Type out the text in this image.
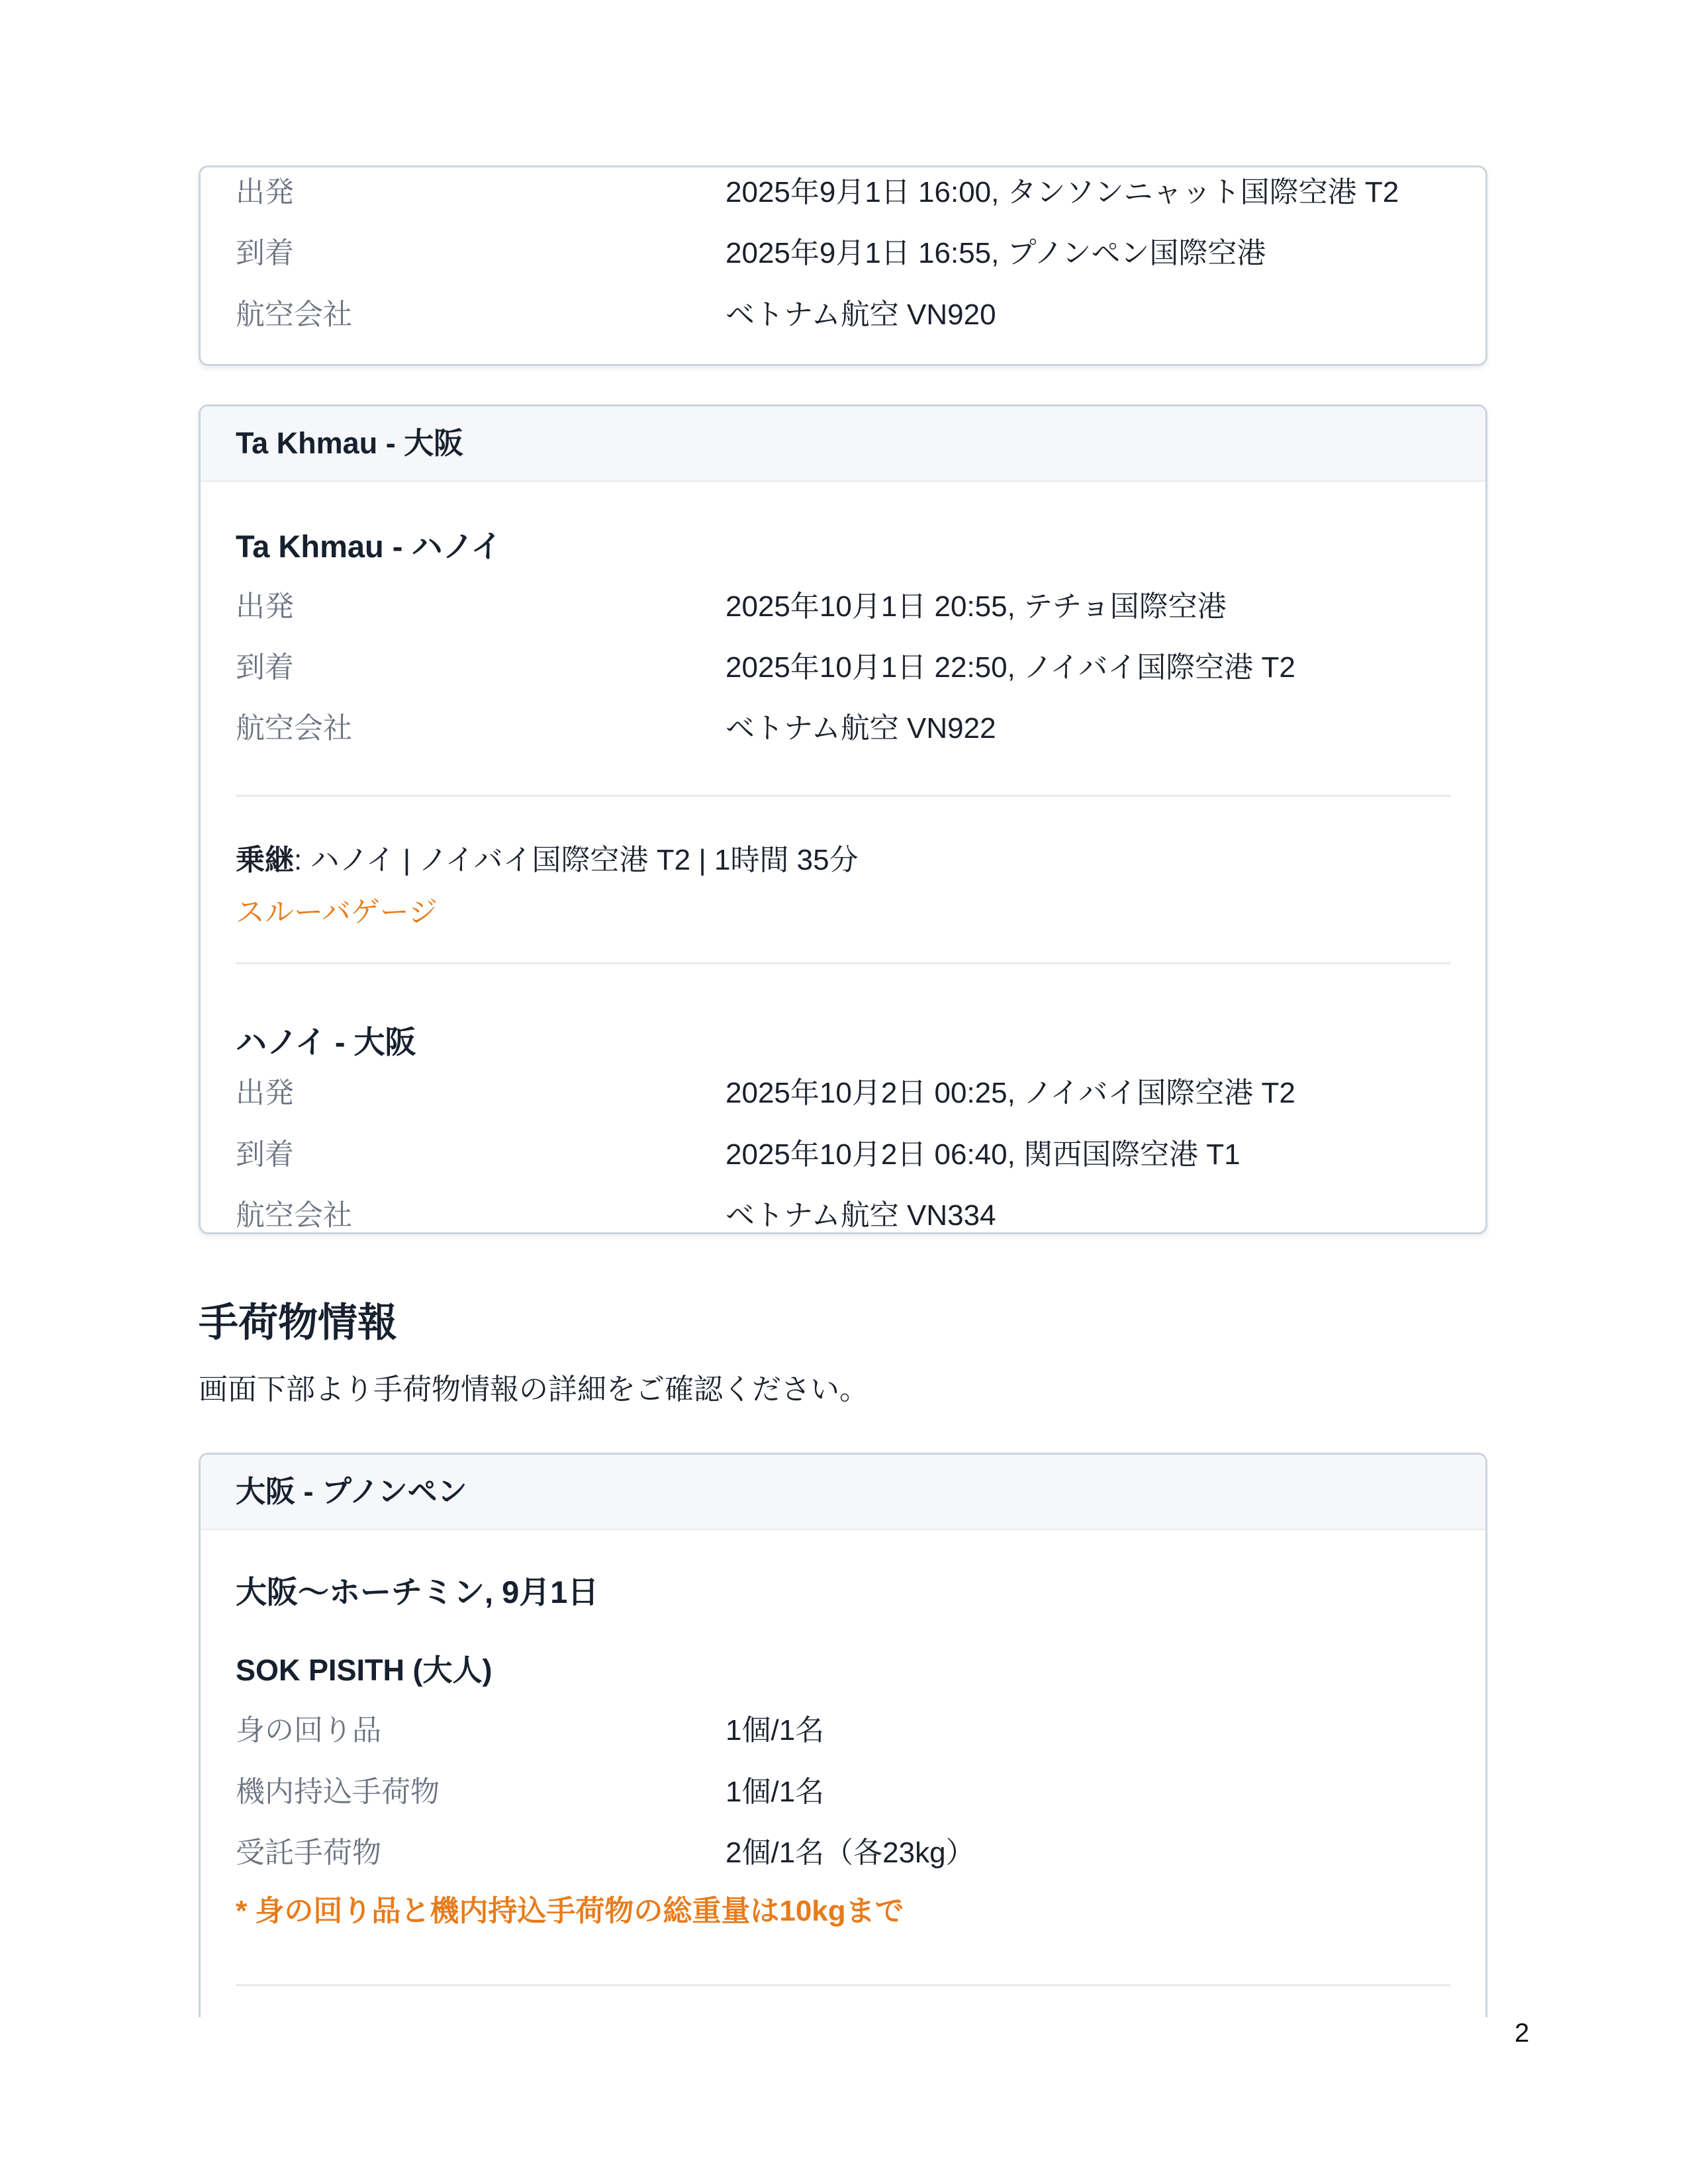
出発	2025年9月1日 16:00, タンソンニャット国際空港 T2
到着	2025年9月1日 16:55, プノンペン国際空港
航空会社	ベトナム航空 VN920
Ta Khmau - 大阪
Ta Khmau - ハノイ
出発	2025年10月1日 20:55, テチョ国際空港
到着	2025年10月1日 22:50, ノイバイ国際空港 T2
航空会社	ベトナム航空 VN922

乗継: ハノイ | ノイバイ国際空港 T2 | 1時間 35分

スルーバゲージ

ハノイ - 大阪
出発	2025年10月2日 00:25, ノイバイ国際空港 T2
到着	2025年10月2日 06:40, 関西国際空港 T1
航空会社	ベトナム航空 VN334
手荷物情報

画面下部より手荷物情報の詳細をご確認ください。

大阪 - プノンペン
大阪〜ホーチミン, 9月1日

SOK PISITH (大人)

身の回り品	1個/1名
機内持込手荷物	1個/1名
受託手荷物	2個/1名（各23kg）

* 身の回り品と機内持込手荷物の総重量は10kgまで

2
